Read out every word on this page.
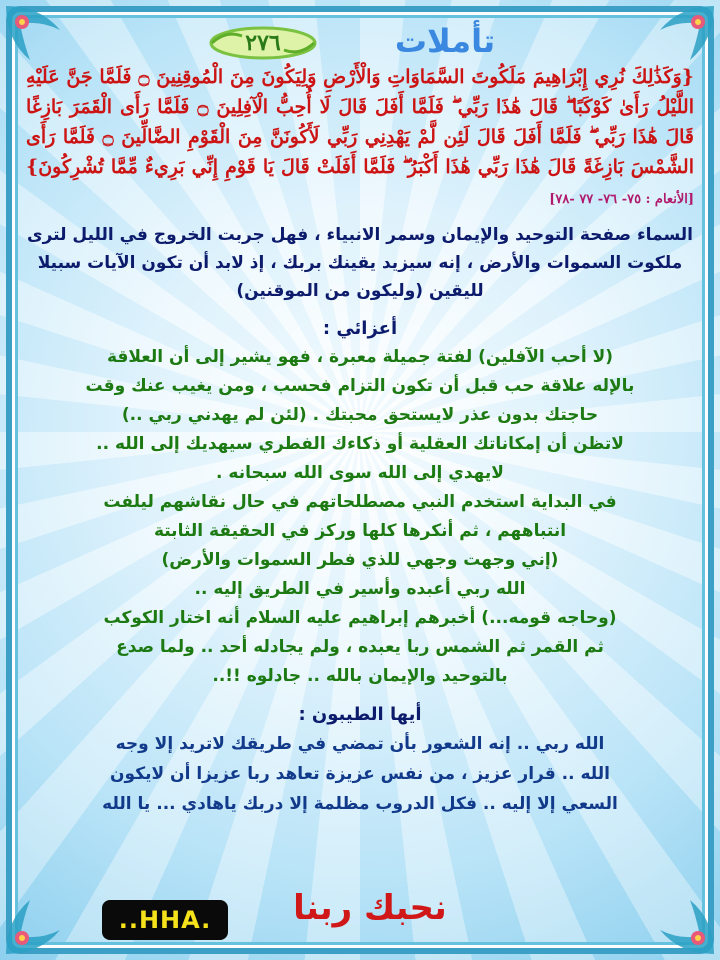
٢٧٦	تأملات

{وَكَذَٰلِكَ نُرِي إِبْرَاهِيمَ مَلَكُوتَ السَّمَاوَاتِ وَالْأَرْضِ وَلِيَكُونَ مِنَ الْمُوقِنِينَ ۝ فَلَمَّا جَنَّ عَلَيْهِ اللَّيْلُ رَأَىٰ كَوْكَبًا ۖ قَالَ هَٰذَا رَبِّي ۖ فَلَمَّا أَفَلَ قَالَ لَا أُحِبُّ الْآفِلِينَ ۝ فَلَمَّا رَأَى الْقَمَرَ بَازِغًا قَالَ هَٰذَا رَبِّي ۖ فَلَمَّا أَفَلَ قَالَ لَئِن لَّمْ يَهْدِنِي رَبِّي لَأَكُونَنَّ مِنَ الْقَوْمِ الضَّالِّينَ ۝ فَلَمَّا رَأَى الشَّمْسَ بَازِغَةً قَالَ هَٰذَا رَبِّي هَٰذَا أَكْبَرُ ۖ فَلَمَّا أَفَلَتْ قَالَ يَا قَوْمِ إِنِّي بَرِيءٌ مِّمَّا تُشْرِكُونَ} [الأنعام : ٧٥- ٧٦- ٧٧ -٧٨]

السماء صفحة التوحيد والإيمان وسمر الانبياء ، فهل جربت الخروج في الليل لترى ملكوت السموات والأرض ، إنه سيزيد يقينك بربك ، إذ لابد أن تكون الآيات سبيلا لليقين (وليكون من الموقنين)

أعزائي :
(لا أحب الآفلين) لفتة جميلة معبرة ، فهو يشير إلى أن العلاقة
بالإله علاقة حب قبل أن تكون التزام فحسب ، ومن يغيب عنك وقت
حاجتك بدون عذر لايستحق محبتك . (لئن لم يهدني ربي ..)
لاتظن أن إمكاناتك العقلية أو ذكاءك الفطري سيهديك إلى الله ..
لايهدي إلى الله سوى الله سبحانه .
في البداية استخدم النبي مصطلحاتهم في حال نقاشهم ليلفت
انتباههم ، ثم أنكرها كلها وركز في الحقيقة الثابتة
(إني وجهت وجهي للذي فطر السموات والأرض)
الله ربي أعبده وأسير في الطريق إليه ..
(وحاجه قومه...) أخبرهم إبراهيم عليه السلام أنه اختار الكوكب
ثم القمر ثم الشمس ربا يعبده ، ولم يجادله أحد .. ولما صدع
بالتوحيد والإيمان بالله .. جادلوه !!..
أيها الطيبون :
الله ربي .. إنه الشعور بأن تمضي في طريقك لاتريد إلا وجه
الله .. قرار عزيز ، من نفس عزيزة تعاهد ربا عزيزا أن لايكون
السعي إلا إليه .. فكل الدروب مظلمة إلا دربك ياهادي ... يا الله
نحبك ربنا
..HHA.
